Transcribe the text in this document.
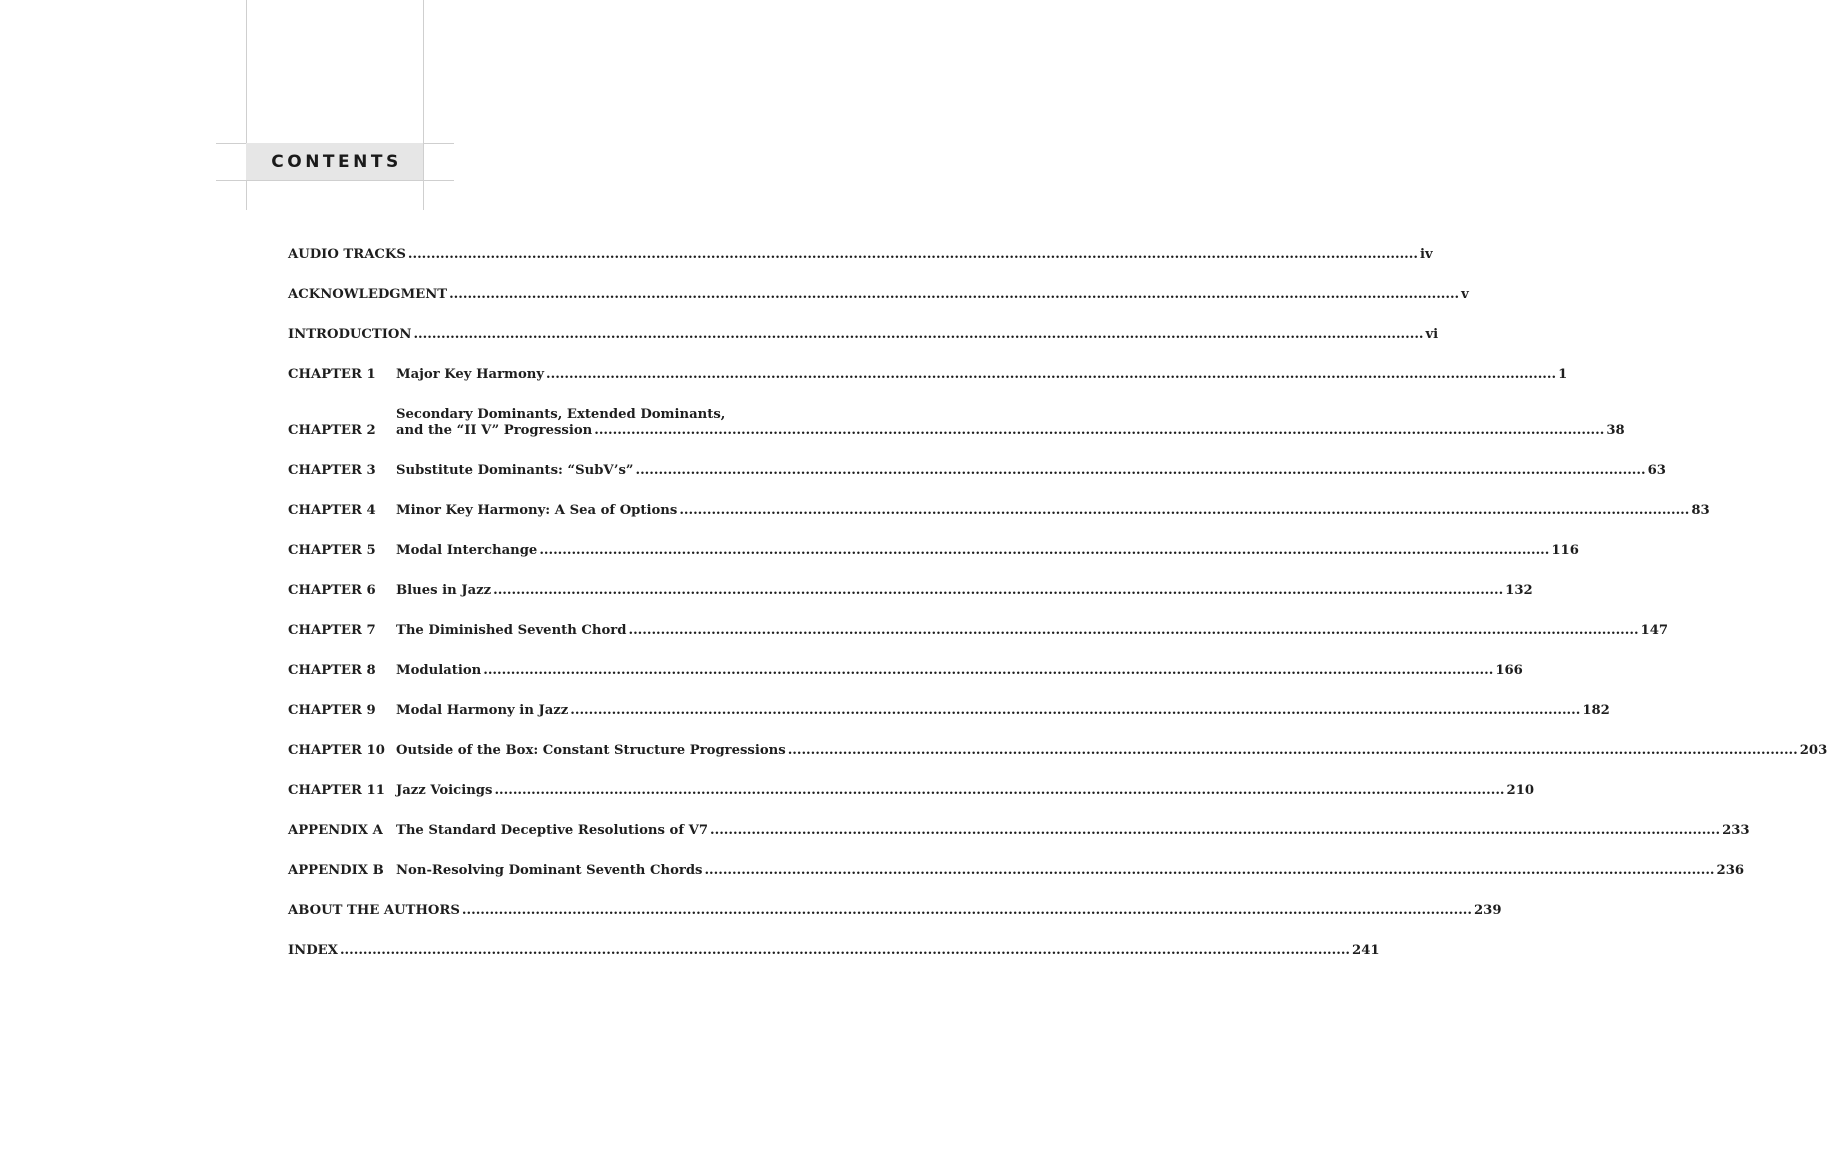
CONTENTS
AUDIO TRACKS ............................................................................................................................................................................................................................ iv
ACKNOWLEDGMENT ............................................................................................................................................................................................................................ v
INTRODUCTION ............................................................................................................................................................................................................................ vi
CHAPTER 1	Major Key Harmony ............................................................................................................................................................................................................................ 1
CHAPTER 2
Secondary Dominants, Extended Dominants,
and the “II V” Progression ............................................................................................................................................................................................................................ 38
CHAPTER 3	Substitute Dominants: “SubV’s” ............................................................................................................................................................................................................................ 63
CHAPTER 4	Minor Key Harmony: A Sea of Options ............................................................................................................................................................................................................................ 83
CHAPTER 5	Modal Interchange ............................................................................................................................................................................................................................ 116
CHAPTER 6	Blues in Jazz ............................................................................................................................................................................................................................ 132
CHAPTER 7	The Diminished Seventh Chord ............................................................................................................................................................................................................................ 147
CHAPTER 8	Modulation ............................................................................................................................................................................................................................ 166
CHAPTER 9	Modal Harmony in Jazz ............................................................................................................................................................................................................................ 182
CHAPTER 10 Outside of the Box: Constant Structure Progressions ............................................................................................................................................................................................................................ 203
CHAPTER 11 Jazz Voicings ............................................................................................................................................................................................................................ 210
APPENDIX A The Standard Deceptive Resolutions of V7 ............................................................................................................................................................................................................................ 233
APPENDIX B Non-Resolving Dominant Seventh Chords ............................................................................................................................................................................................................................ 236
ABOUT THE AUTHORS ............................................................................................................................................................................................................................ 239
INDEX ............................................................................................................................................................................................................................ 241
